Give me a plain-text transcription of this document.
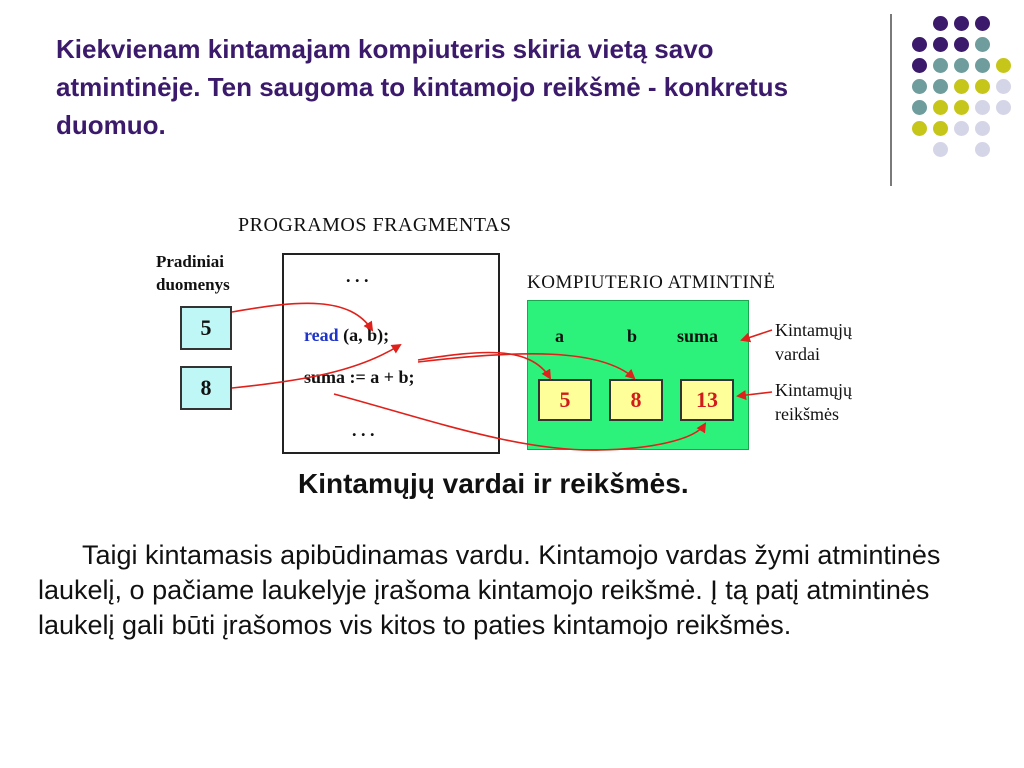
Kiekvienam kintamajam kompiuteris skiria vietą savo atmintinėje. Ten saugoma to kintamojo reikšmė - konkretus duomuo.
PROGRAMOS FRAGMENTAS
Pradiniai
duomenys
5
8
. . .
read (a, b);
suma := a + b;
. . .
KOMPIUTERIO ATMINTINĖ
a	b suma
5	8	13
Kintamųjų
vardai
Kintamųjų
reikšmės
Kintamųjų vardai ir reikšmės.
Taigi kintamasis apibūdinamas vardu. Kintamojo vardas žymi atmintinės laukelį, o pačiame laukelyje įrašoma kintamojo reikšmė. Į tą patį atmintinės laukelį gali būti įrašomos vis kitos to paties kintamojo reikšmės.
